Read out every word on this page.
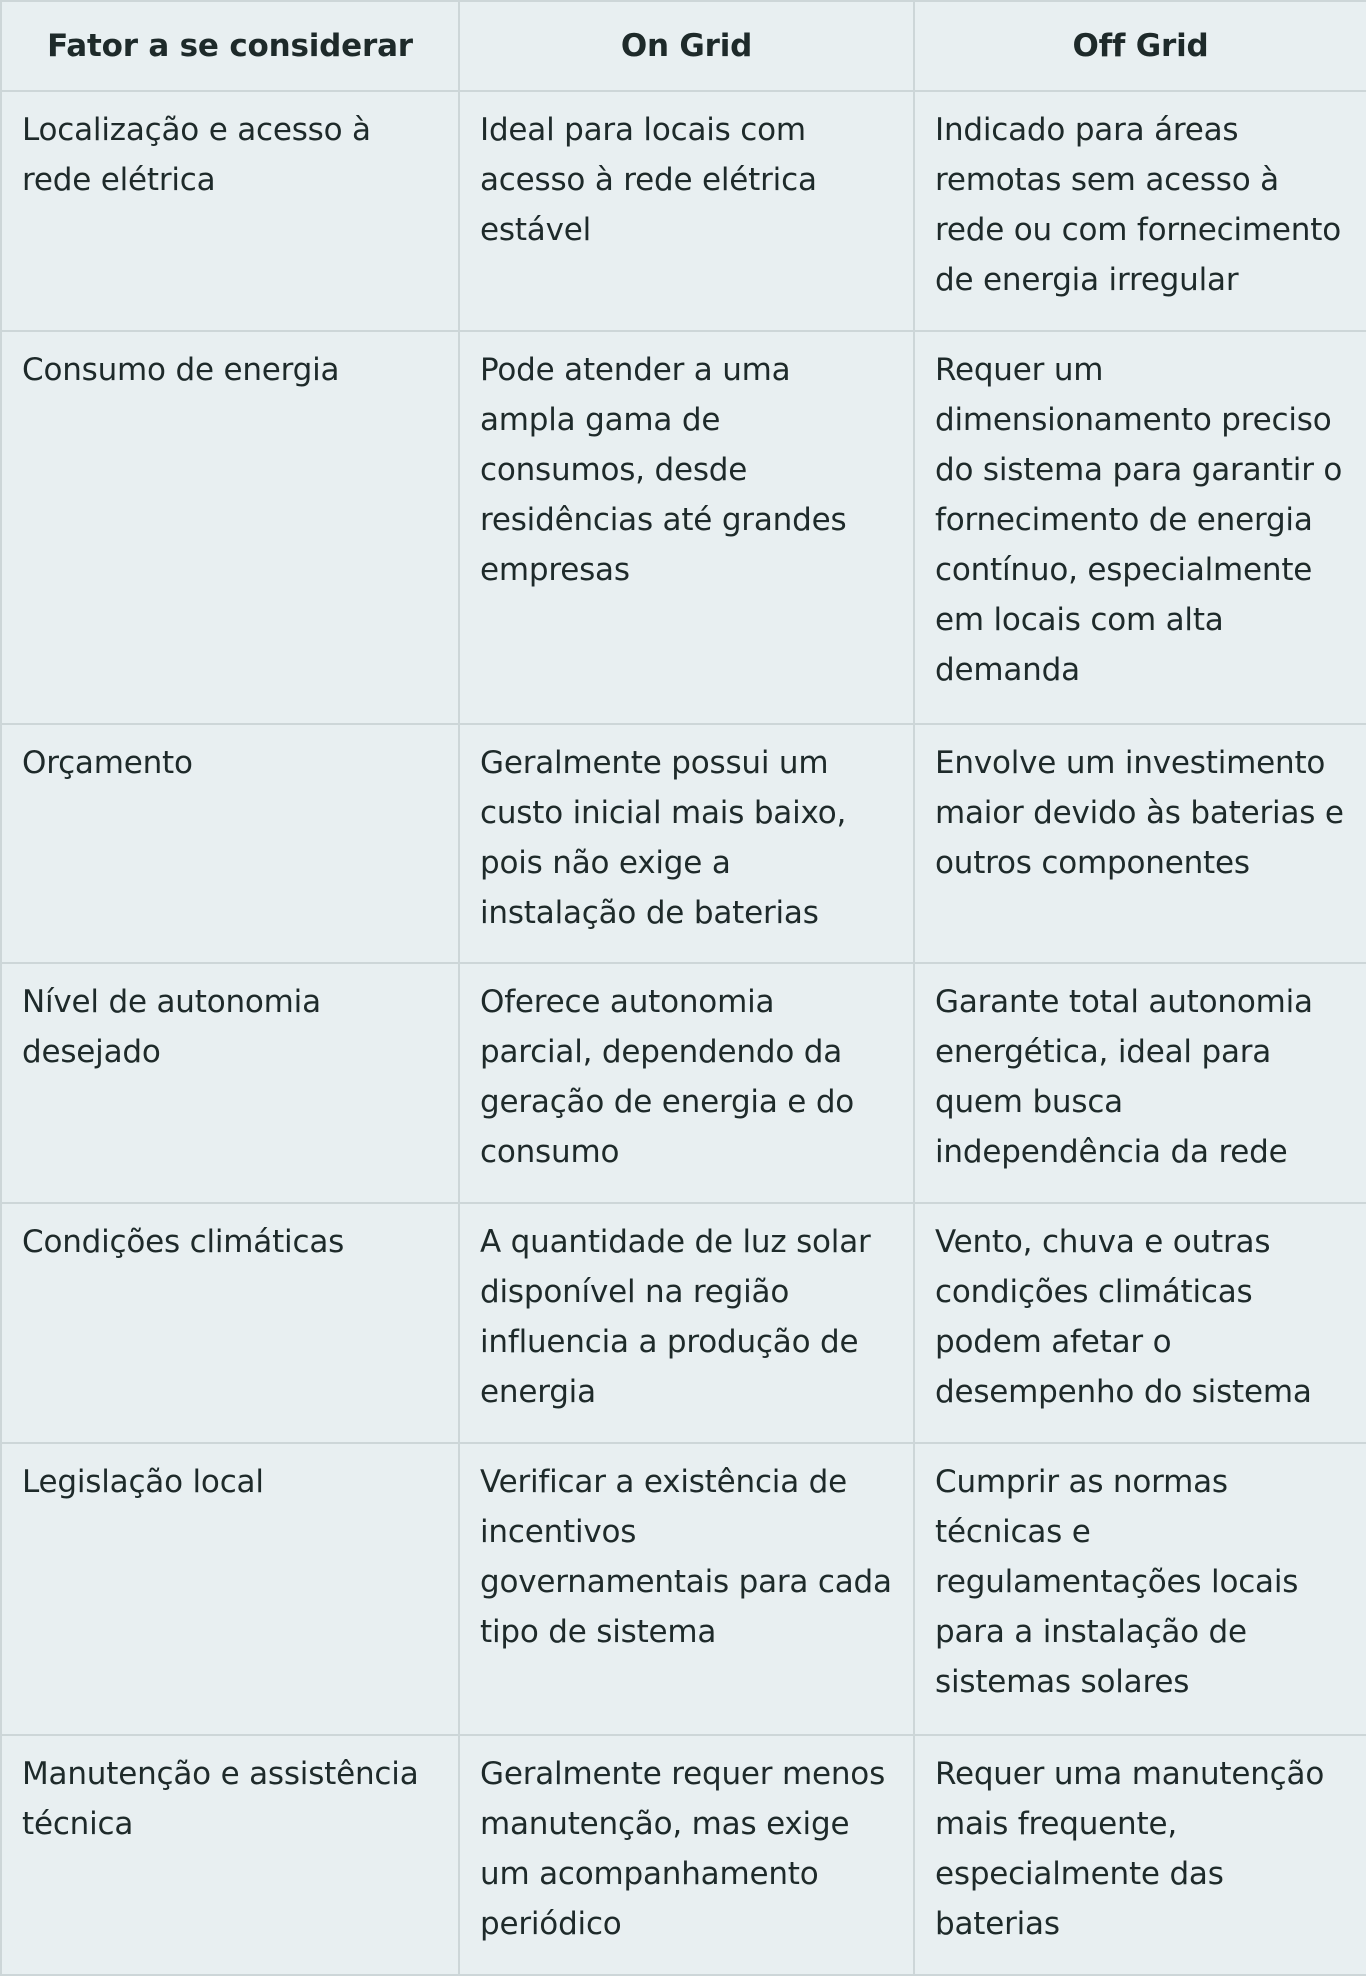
Fator a se considerar	On Grid	Off Grid

Localização e acesso à rede elétrica	Ideal para locais com acesso à rede elétrica estável	Indicado para áreas remotas sem acesso à rede ou com fornecimento de energia irregular

Consumo de energia	Pode atender a uma ampla gama de consumos, desde residências até grandes empresas	Requer um dimensionamento preciso do sistema para garantir o fornecimento de energia contínuo, especialmente em locais com alta demanda

Orçamento	Geralmente possui um custo inicial mais baixo, pois não exige a instalação de baterias	Envolve um investimento maior devido às baterias e outros componentes

Nível de autonomia desejado	Oferece autonomia parcial, dependendo da geração de energia e do consumo	Garante total autonomia energética, ideal para quem busca independência da rede

Condições climáticas	A quantidade de luz solar disponível na região influencia a produção de energia	Vento, chuva e outras condições climáticas podem afetar o desempenho do sistema

Legislação local	Verificar a existência de incentivos governamentais para cada tipo de sistema	Cumprir as normas técnicas e regulamentações locais para a instalação de sistemas solares

Manutenção e assistência técnica	Geralmente requer menos manutenção, mas exige um acompanhamento periódico	Requer uma manutenção mais frequente, especialmente das baterias
